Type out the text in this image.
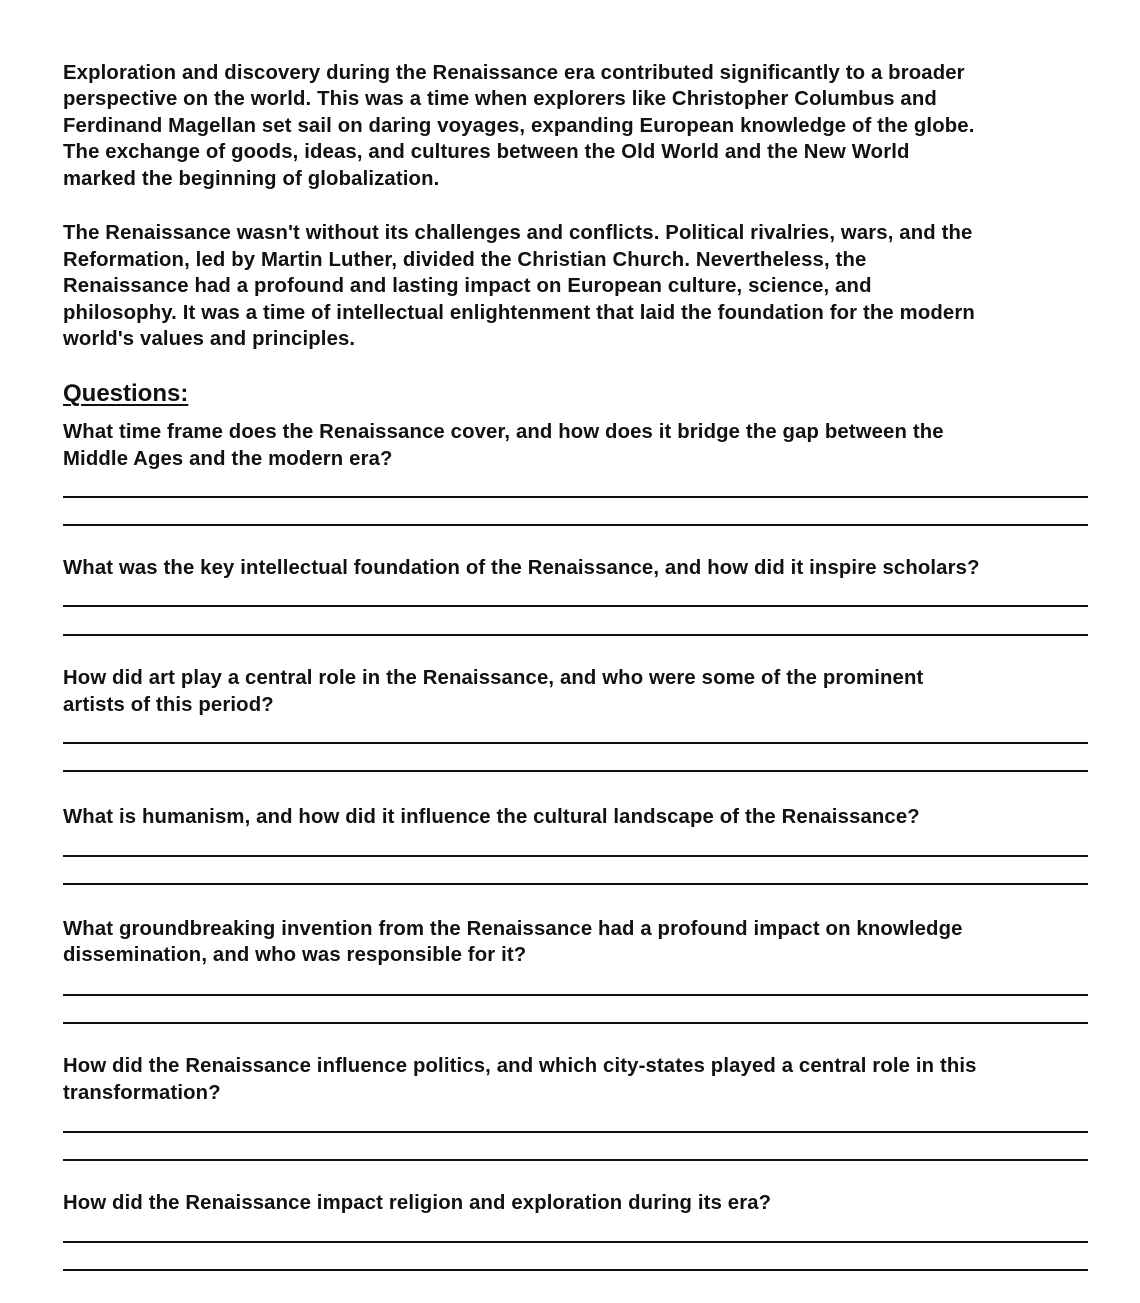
Exploration and discovery during the Renaissance era contributed significantly to a broader
perspective on the world. This was a time when explorers like Christopher Columbus and
Ferdinand Magellan set sail on daring voyages, expanding European knowledge of the globe.
The exchange of goods, ideas, and cultures between the Old World and the New World
marked the beginning of globalization.
The Renaissance wasn't without its challenges and conflicts. Political rivalries, wars, and the
Reformation, led by Martin Luther, divided the Christian Church. Nevertheless, the
Renaissance had a profound and lasting impact on European culture, science, and
philosophy. It was a time of intellectual enlightenment that laid the foundation for the modern
world's values and principles.
Questions:
What time frame does the Renaissance cover, and how does it bridge the gap between the
Middle Ages and the modern era?
What was the key intellectual foundation of the Renaissance, and how did it inspire scholars?
How did art play a central role in the Renaissance, and who were some of the prominent
artists of this period?
What is humanism, and how did it influence the cultural landscape of the Renaissance?
What groundbreaking invention from the Renaissance had a profound impact on knowledge
dissemination, and who was responsible for it?
How did the Renaissance influence politics, and which city-states played a central role in this
transformation?
How did the Renaissance impact religion and exploration during its era?
